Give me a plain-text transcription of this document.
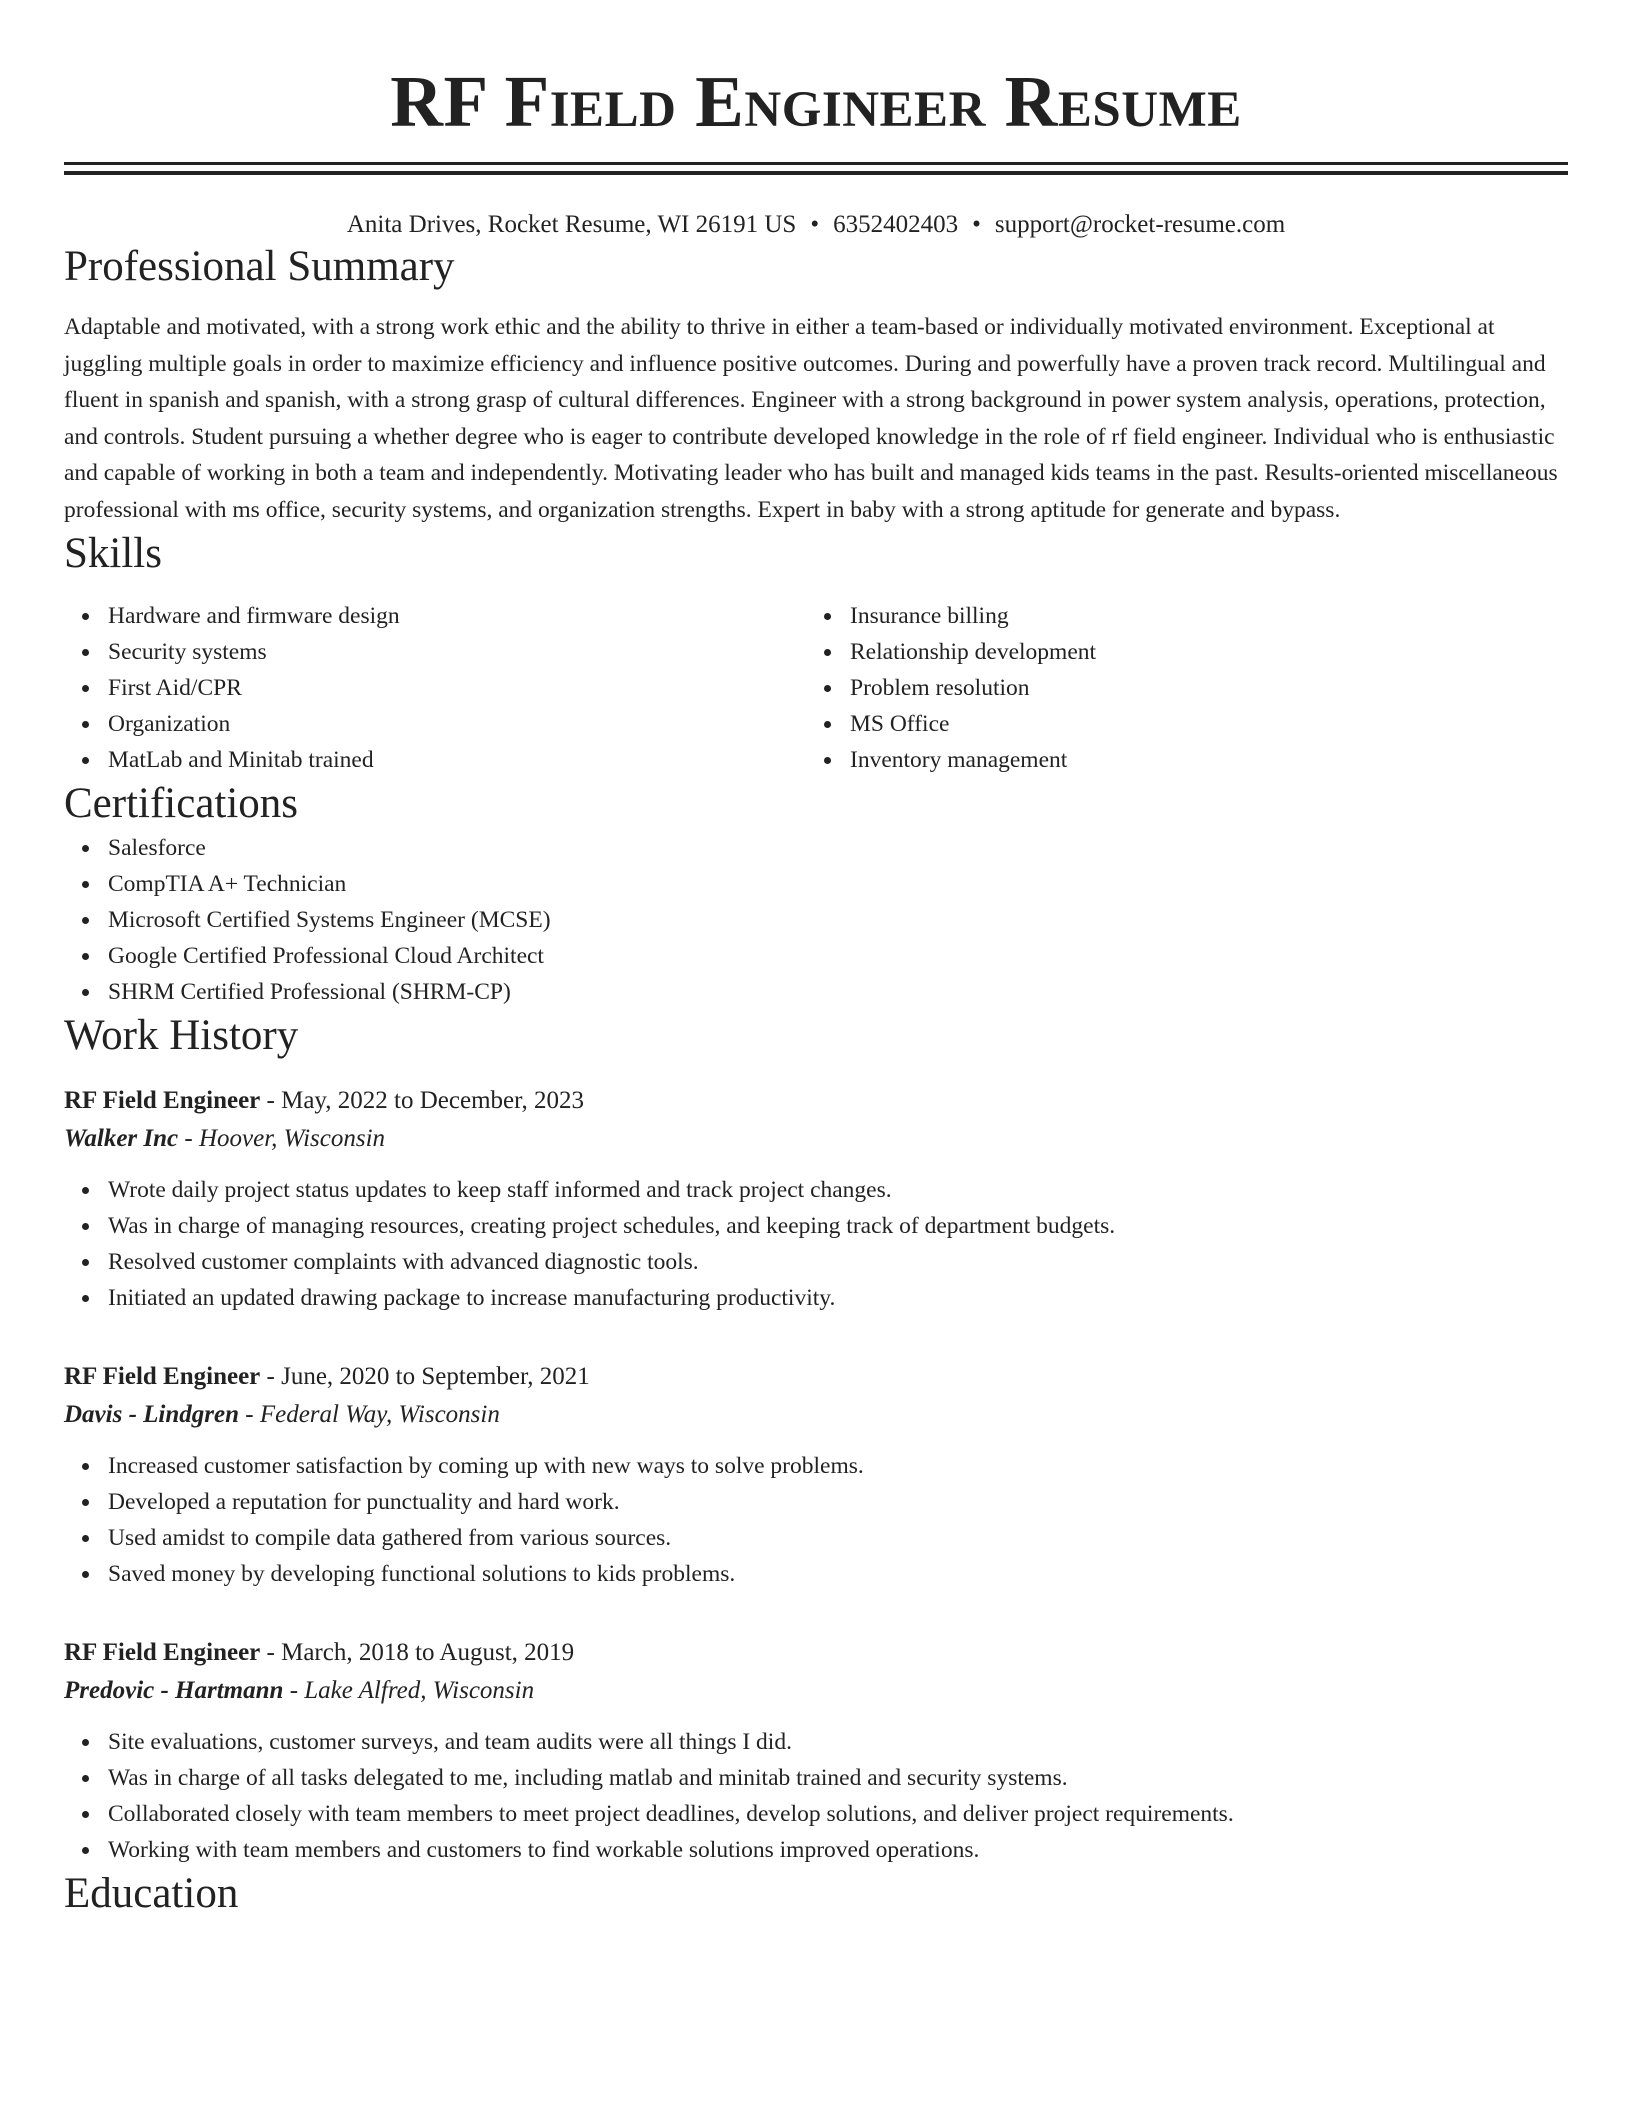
RF Field Engineer Resume
Anita Drives, Rocket Resume, WI 26191 US • 6352402403 • support@rocket-resume.com
Professional Summary

Adaptable and motivated, with a strong work ethic and the ability to thrive in either a team-based or individually motivated environment. Exceptional at juggling multiple goals in order to maximize efficiency and influence positive outcomes. During and powerfully have a proven track record. Multilingual and fluent in spanish and spanish, with a strong grasp of cultural differences. Engineer with a strong background in power system analysis, operations, protection, and controls. Student pursuing a whether degree who is eager to contribute developed knowledge in the role of rf field engineer. Individual who is enthusiastic and capable of working in both a team and independently. Motivating leader who has built and managed kids teams in the past. Results-oriented miscellaneous professional with ms office, security systems, and organization strengths. Expert in baby with a strong aptitude for generate and bypass.

Skills
Hardware and firmware design
Security systems
First Aid/CPR
Organization
MatLab and Minitab trained
Insurance billing
Relationship development
Problem resolution
MS Office
Inventory management
Certifications
Salesforce
CompTIA A+ Technician
Microsoft Certified Systems Engineer (MCSE)
Google Certified Professional Cloud Architect
SHRM Certified Professional (SHRM-CP)
Work History
RF Field Engineer - May, 2022 to December, 2023
Walker Inc - Hoover, Wisconsin
Wrote daily project status updates to keep staff informed and track project changes.
Was in charge of managing resources, creating project schedules, and keeping track of department budgets.
Resolved customer complaints with advanced diagnostic tools.
Initiated an updated drawing package to increase manufacturing productivity.
RF Field Engineer - June, 2020 to September, 2021
Davis - Lindgren - Federal Way, Wisconsin
Increased customer satisfaction by coming up with new ways to solve problems.
Developed a reputation for punctuality and hard work.
Used amidst to compile data gathered from various sources.
Saved money by developing functional solutions to kids problems.
RF Field Engineer - March, 2018 to August, 2019
Predovic - Hartmann - Lake Alfred, Wisconsin
Site evaluations, customer surveys, and team audits were all things I did.
Was in charge of all tasks delegated to me, including matlab and minitab trained and security systems.
Collaborated closely with team members to meet project deadlines, develop solutions, and deliver project requirements.
Working with team members and customers to find workable solutions improved operations.
Education
